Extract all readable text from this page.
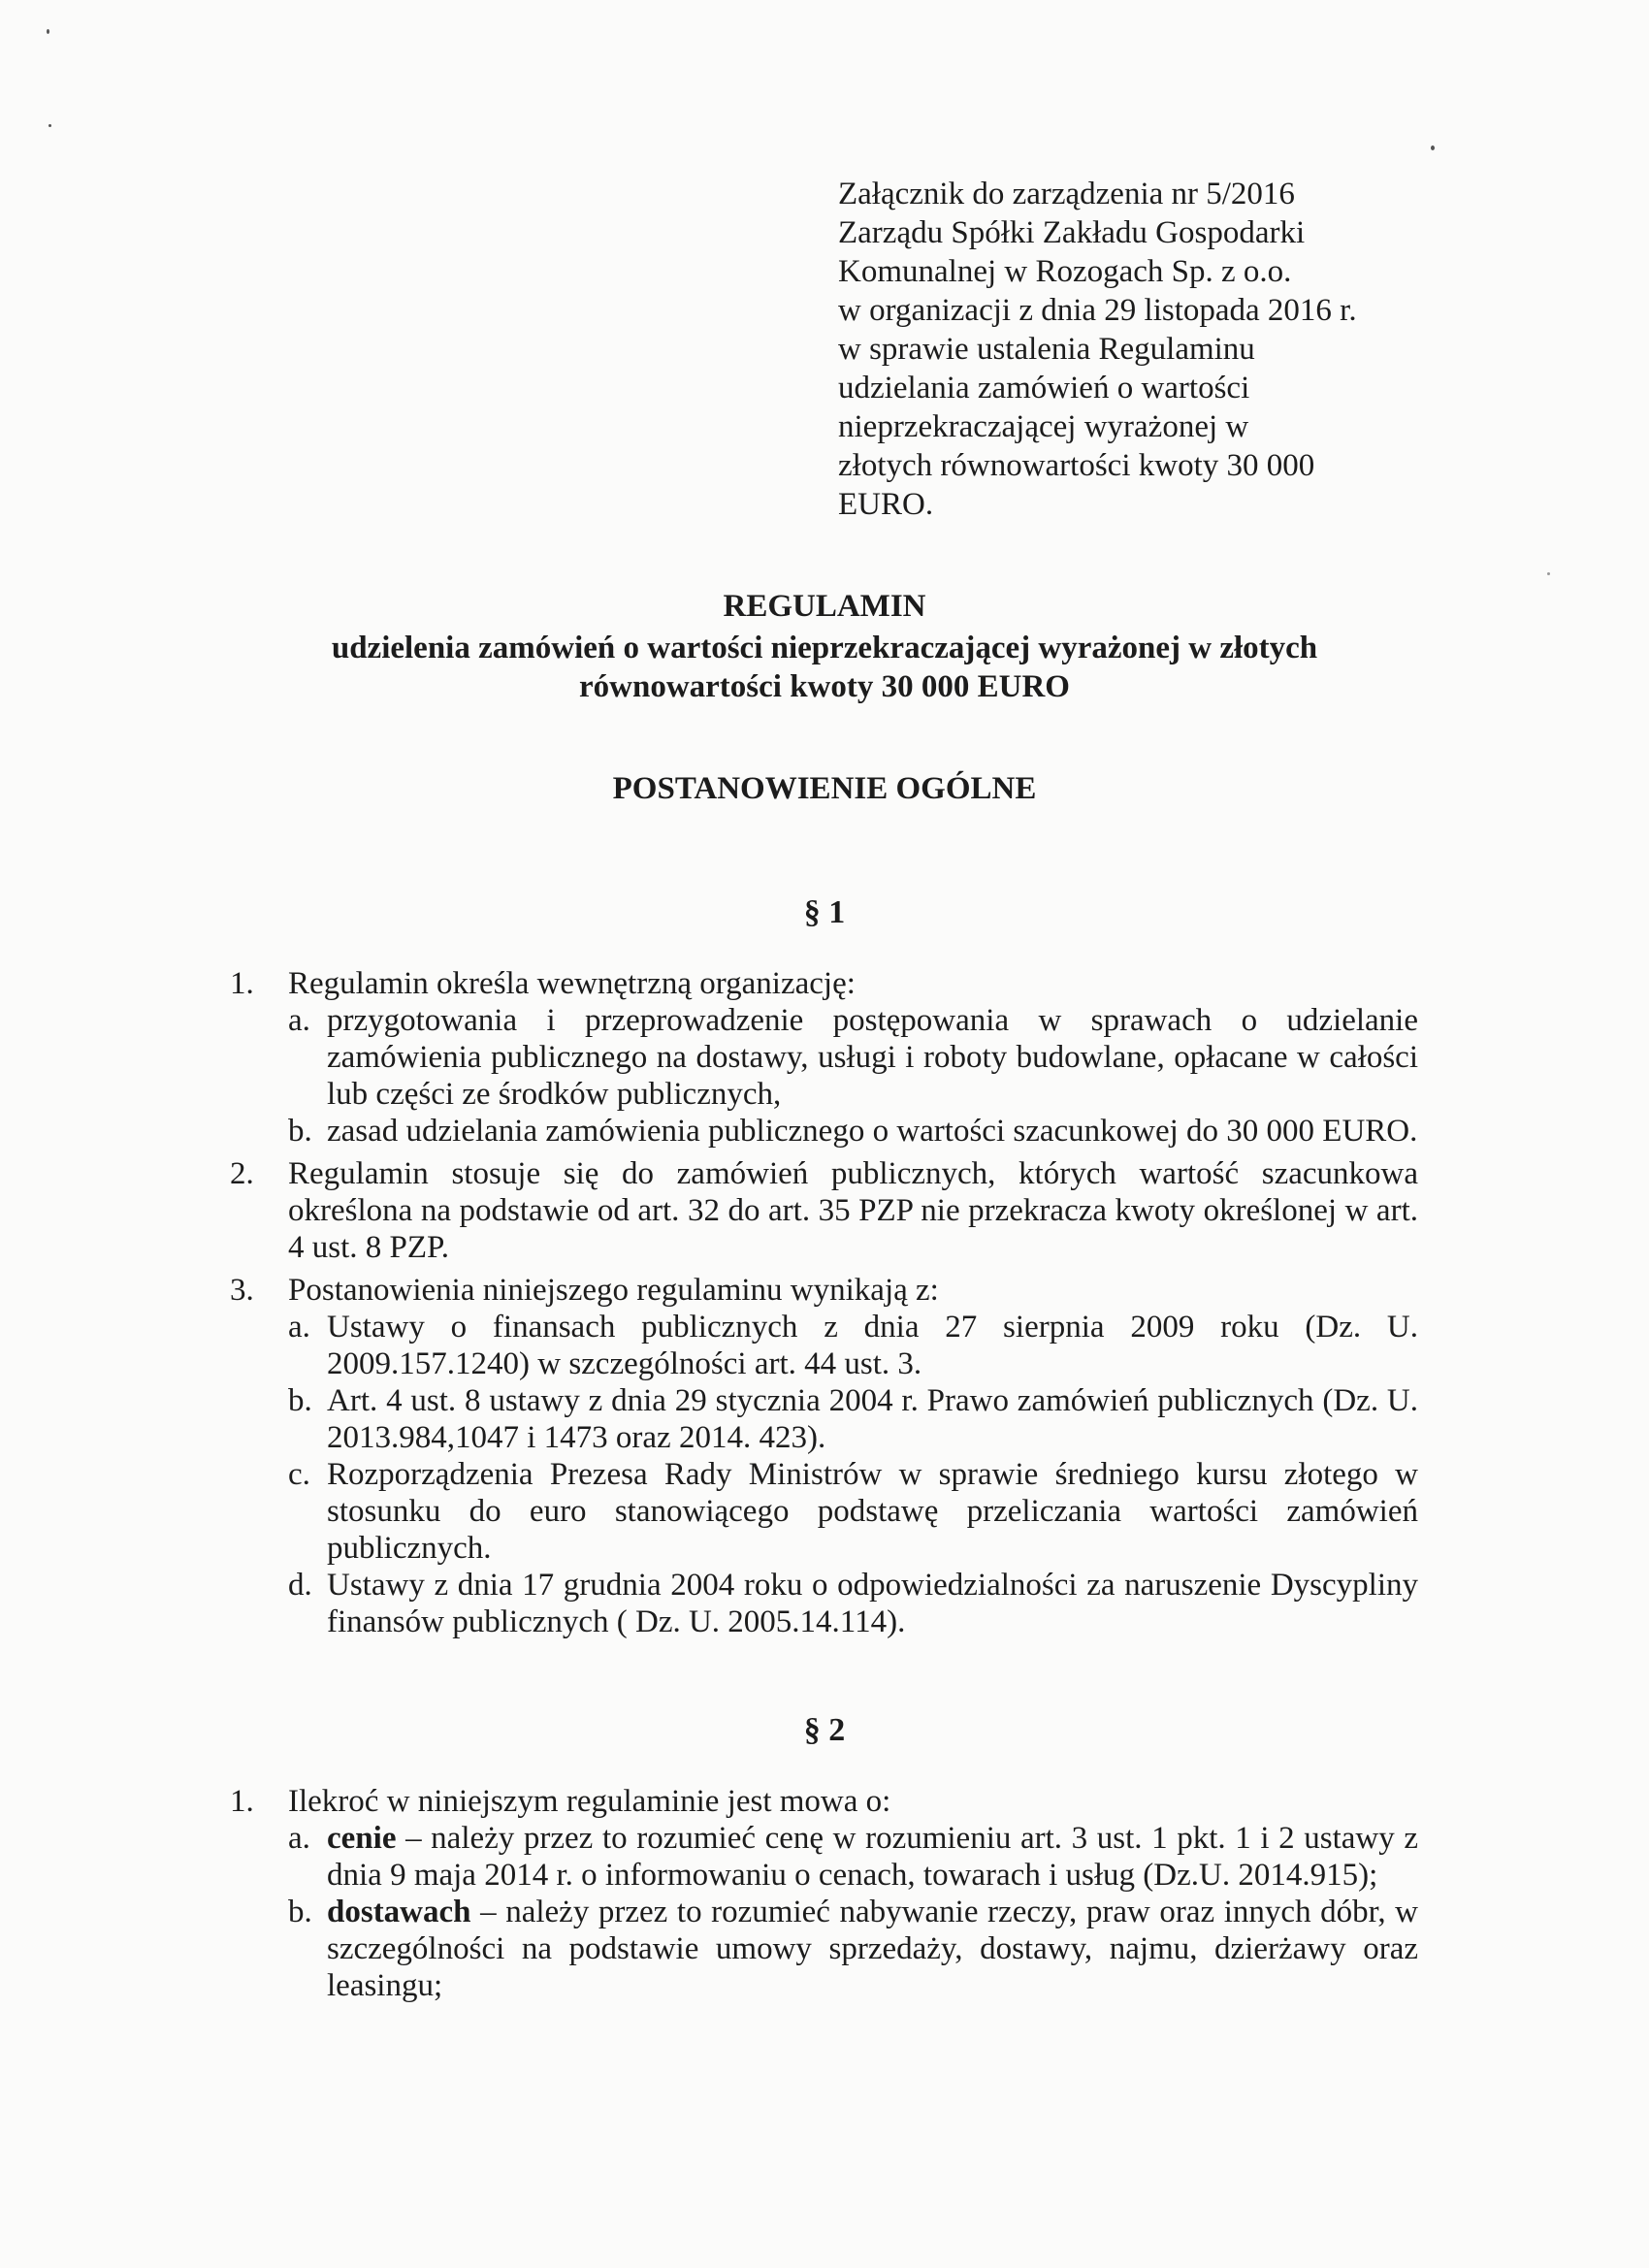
Załącznik do zarządzenia nr 5/2016
Zarządu Spółki Zakładu Gospodarki
Komunalnej w Rozogach Sp. z o.o.
w organizacji z dnia 29 listopada 2016 r.
w sprawie ustalenia Regulaminu
udzielania zamówień o wartości
nieprzekraczającej wyrażonej w
złotych równowartości kwoty 30 000
EURO.
REGULAMIN
udzielenia zamówień o wartości nieprzekraczającej wyrażonej w złotych
równowartości kwoty 30 000 EURO
POSTANOWIENIE OGÓLNE
§ 1
1. Regulamin określa wewnętrzną organizację:
a. przygotowania i przeprowadzenie postępowania w sprawach o udzielanie zamówienia publicznego na dostawy, usługi i roboty budowlane, opłacane w całości lub części ze środków publicznych,
b. zasad udzielania zamówienia publicznego o wartości szacunkowej do 30 000 EURO.
2. Regulamin stosuje się do zamówień publicznych, których wartość szacunkowa określona na podstawie od art. 32 do art. 35 PZP nie przekracza kwoty określonej w art. 4 ust. 8 PZP.
3. Postanowienia niniejszego regulaminu wynikają z:
a. Ustawy o finansach publicznych z dnia 27 sierpnia 2009 roku (Dz. U. 2009.157.1240) w szczególności art. 44 ust. 3.
b. Art. 4 ust. 8 ustawy z dnia 29 stycznia 2004 r. Prawo zamówień publicznych (Dz. U. 2013.984,1047 i 1473 oraz 2014. 423).
c. Rozporządzenia Prezesa Rady Ministrów w sprawie średniego kursu złotego w stosunku do euro stanowiącego podstawę przeliczania wartości zamówień publicznych.
d. Ustawy z dnia 17 grudnia 2004 roku o odpowiedzialności za naruszenie Dyscypliny finansów publicznych ( Dz. U. 2005.14.114).
§ 2
1. Ilekroć w niniejszym regulaminie jest mowa o:
a. cenie – należy przez to rozumieć cenę w rozumieniu art. 3 ust. 1 pkt. 1 i 2 ustawy z dnia 9 maja 2014 r. o informowaniu o cenach, towarach i usług (Dz.U. 2014.915);
b. dostawach – należy przez to rozumieć nabywanie rzeczy, praw oraz innych dóbr, w szczególności na podstawie umowy sprzedaży, dostawy, najmu, dzierżawy oraz leasingu;
